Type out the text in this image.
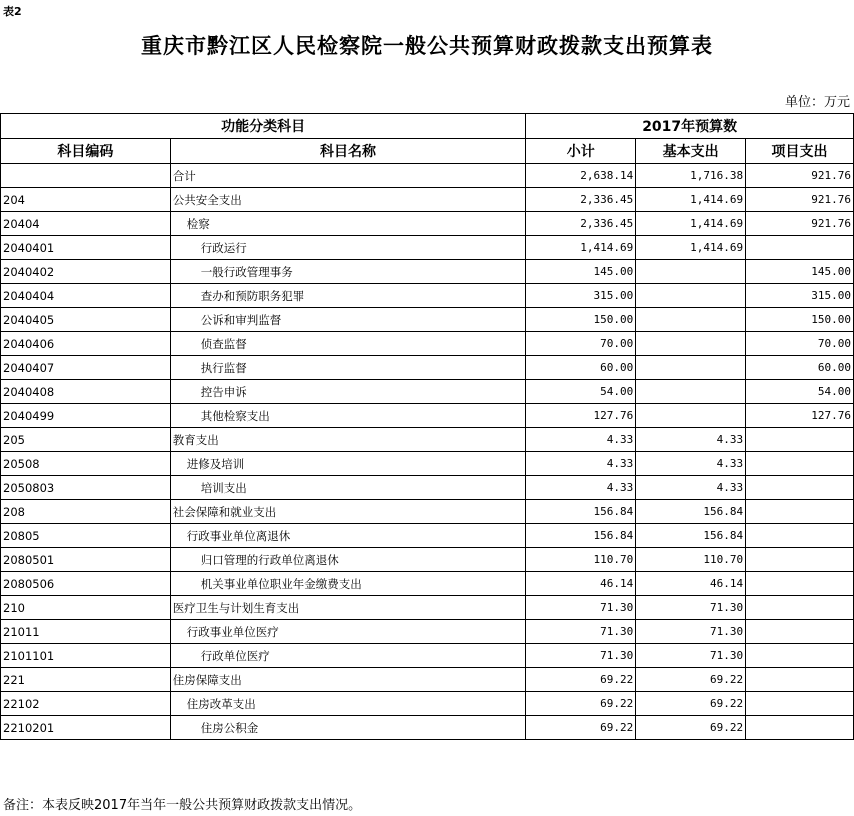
表2
重庆市黔江区人民检察院一般公共预算财政拨款支出预算表
单位：万元
功能分类科目		2017年预算数		
科目编码	科目名称	小计	基本支出	项目支出
	合计	2,638.14	1,716.38	921.76
204	公共安全支出	2,336.45	1,414.69	921.76
20404	检察	2,336.45	1,414.69	921.76
2040401	行政运行	1,414.69	1,414.69	
2040402	一般行政管理事务	145.00		145.00
2040404	查办和预防职务犯罪	315.00		315.00
2040405	公诉和审判监督	150.00		150.00
2040406	侦查监督	70.00		70.00
2040407	执行监督	60.00		60.00
2040408	控告申诉	54.00		54.00
2040499	其他检察支出	127.76		127.76
205	教育支出	4.33	4.33	
20508	进修及培训	4.33	4.33	
2050803	培训支出	4.33	4.33	
208	社会保障和就业支出	156.84	156.84	
20805	行政事业单位离退休	156.84	156.84	
2080501	归口管理的行政单位离退休	110.70	110.70	
2080506	机关事业单位职业年金缴费支出	46.14	46.14	
210	医疗卫生与计划生育支出	71.30	71.30	
21011	行政事业单位医疗	71.30	71.30	
2101101	行政单位医疗	71.30	71.30	
221	住房保障支出	69.22	69.22	
22102	住房改革支出	69.22	69.22	
2210201	住房公积金	69.22	69.22	
备注：本表反映2017年当年一般公共预算财政拨款支出情况。
